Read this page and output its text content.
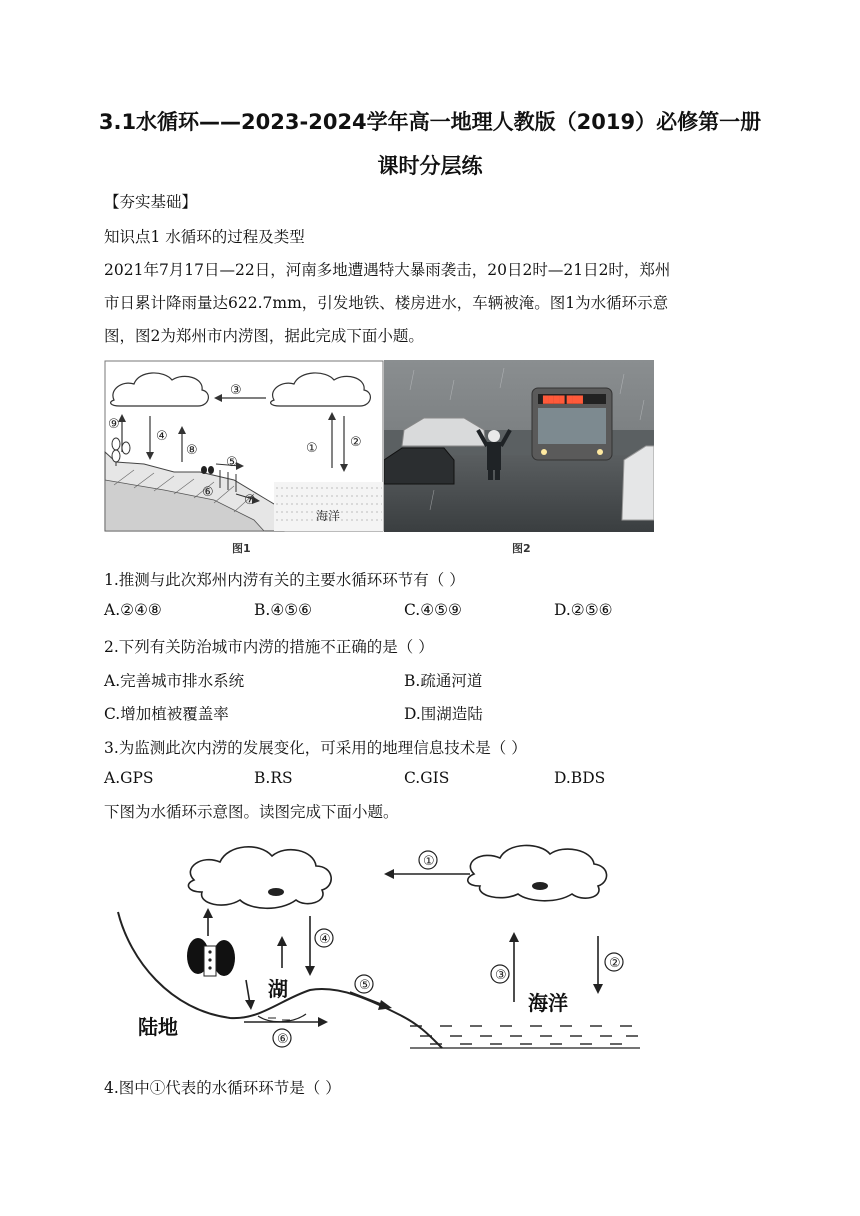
3.1水循环——2023-2024学年高一地理人教版（2019）必修第一册
课时分层练
【夯实基础】
知识点1 水循环的过程及类型
2021年7月17日—22日，河南多地遭遇特大暴雨袭击，20日2时—21日2时，郑州
市日累计降雨量达622.7mm，引发地铁、楼房进水，车辆被淹。图1为水循环示意
图，图2为郑州市内涝图，据此完成下面小题。
③
① ②
④
⑨
⑧
⑤
⑥
⑦
海洋
图1
████ ███
图2
1.推测与此次郑州内涝有关的主要水循环环节有（ ）
A.②④⑧	B.④⑤⑥	C.④⑤⑨	D.②⑤⑥
2.下列有关防治城市内涝的措施不正确的是（ ）
A.完善城市排水系统	B.疏通河道
C.增加植被覆盖率	D.围湖造陆
3.为监测此次内涝的发展变化，可采用的地理信息技术是（ ）
A.GPS	B.RS	C.GIS	D.BDS
下图为水循环示意图。读图完成下面小题。
①
④
湖
陆地
⑥
⑤
③
②
海洋
4.图中①代表的水循环环节是（ ）
